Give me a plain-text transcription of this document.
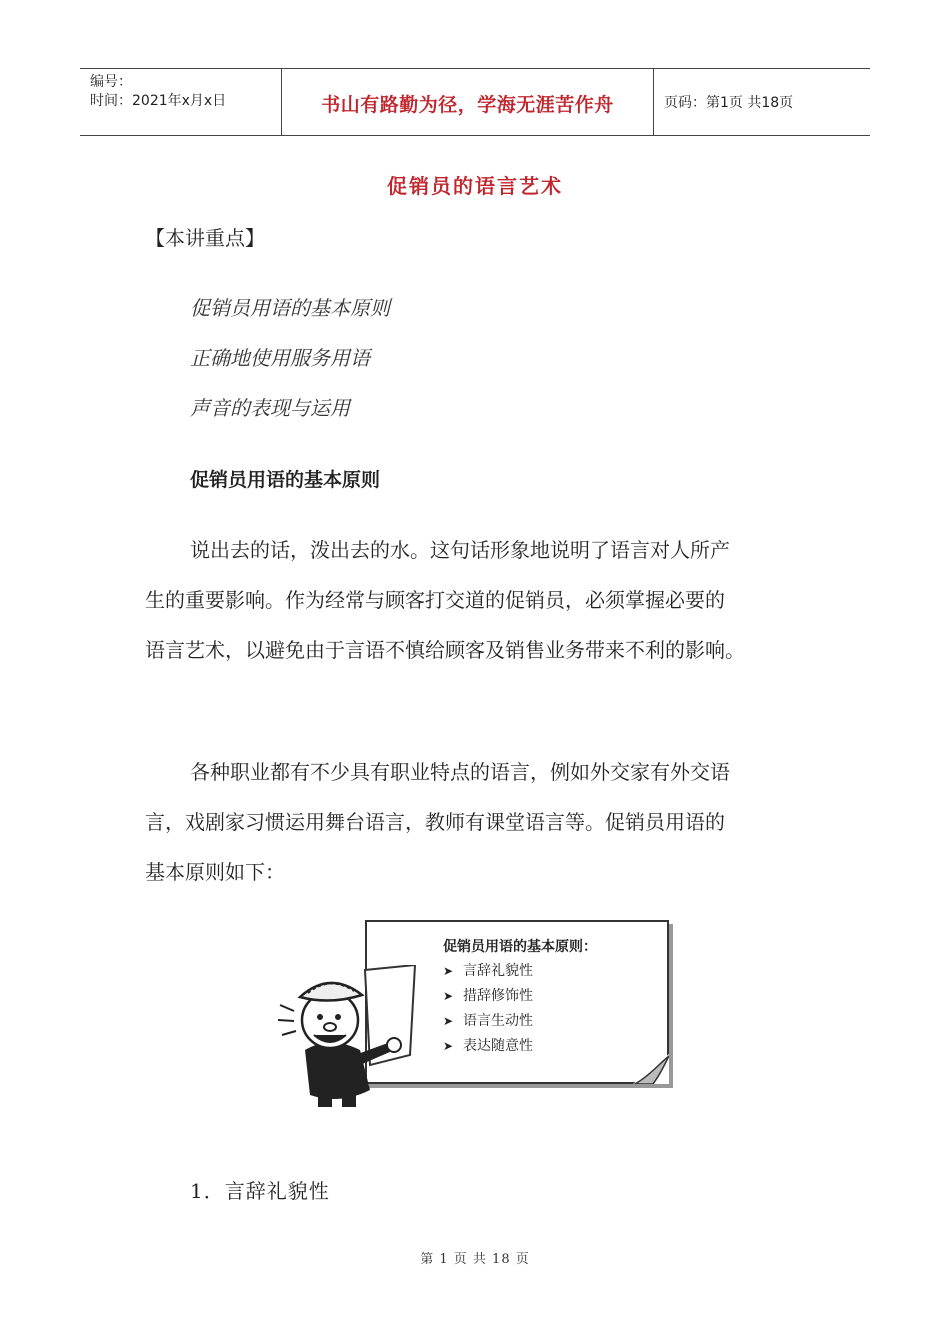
编号：
时间：2021年x月x日	书山有路勤为径，学海无涯苦作舟	页码：第1页 共18页
促销员的语言艺术
【本讲重点】
促销员用语的基本原则
正确地使用服务用语
声音的表现与运用
促销员用语的基本原则
说出去的话，泼出去的水。这句话形象地说明了语言对人所产
生的重要影响。作为经常与顾客打交道的促销员，必须掌握必要的
语言艺术，以避免由于言语不慎给顾客及销售业务带来不利的影响。
各种职业都有不少具有职业特点的语言，例如外交家有外交语
言，戏剧家习惯运用舞台语言，教师有课堂语言等。促销员用语的
基本原则如下：
促销员用语的基本原则：
➤ 言辞礼貌性
➤ 措辞修饰性
➤ 语言生动性
➤ 表达随意性
1．言辞礼貌性
第 1 页 共 18 页
